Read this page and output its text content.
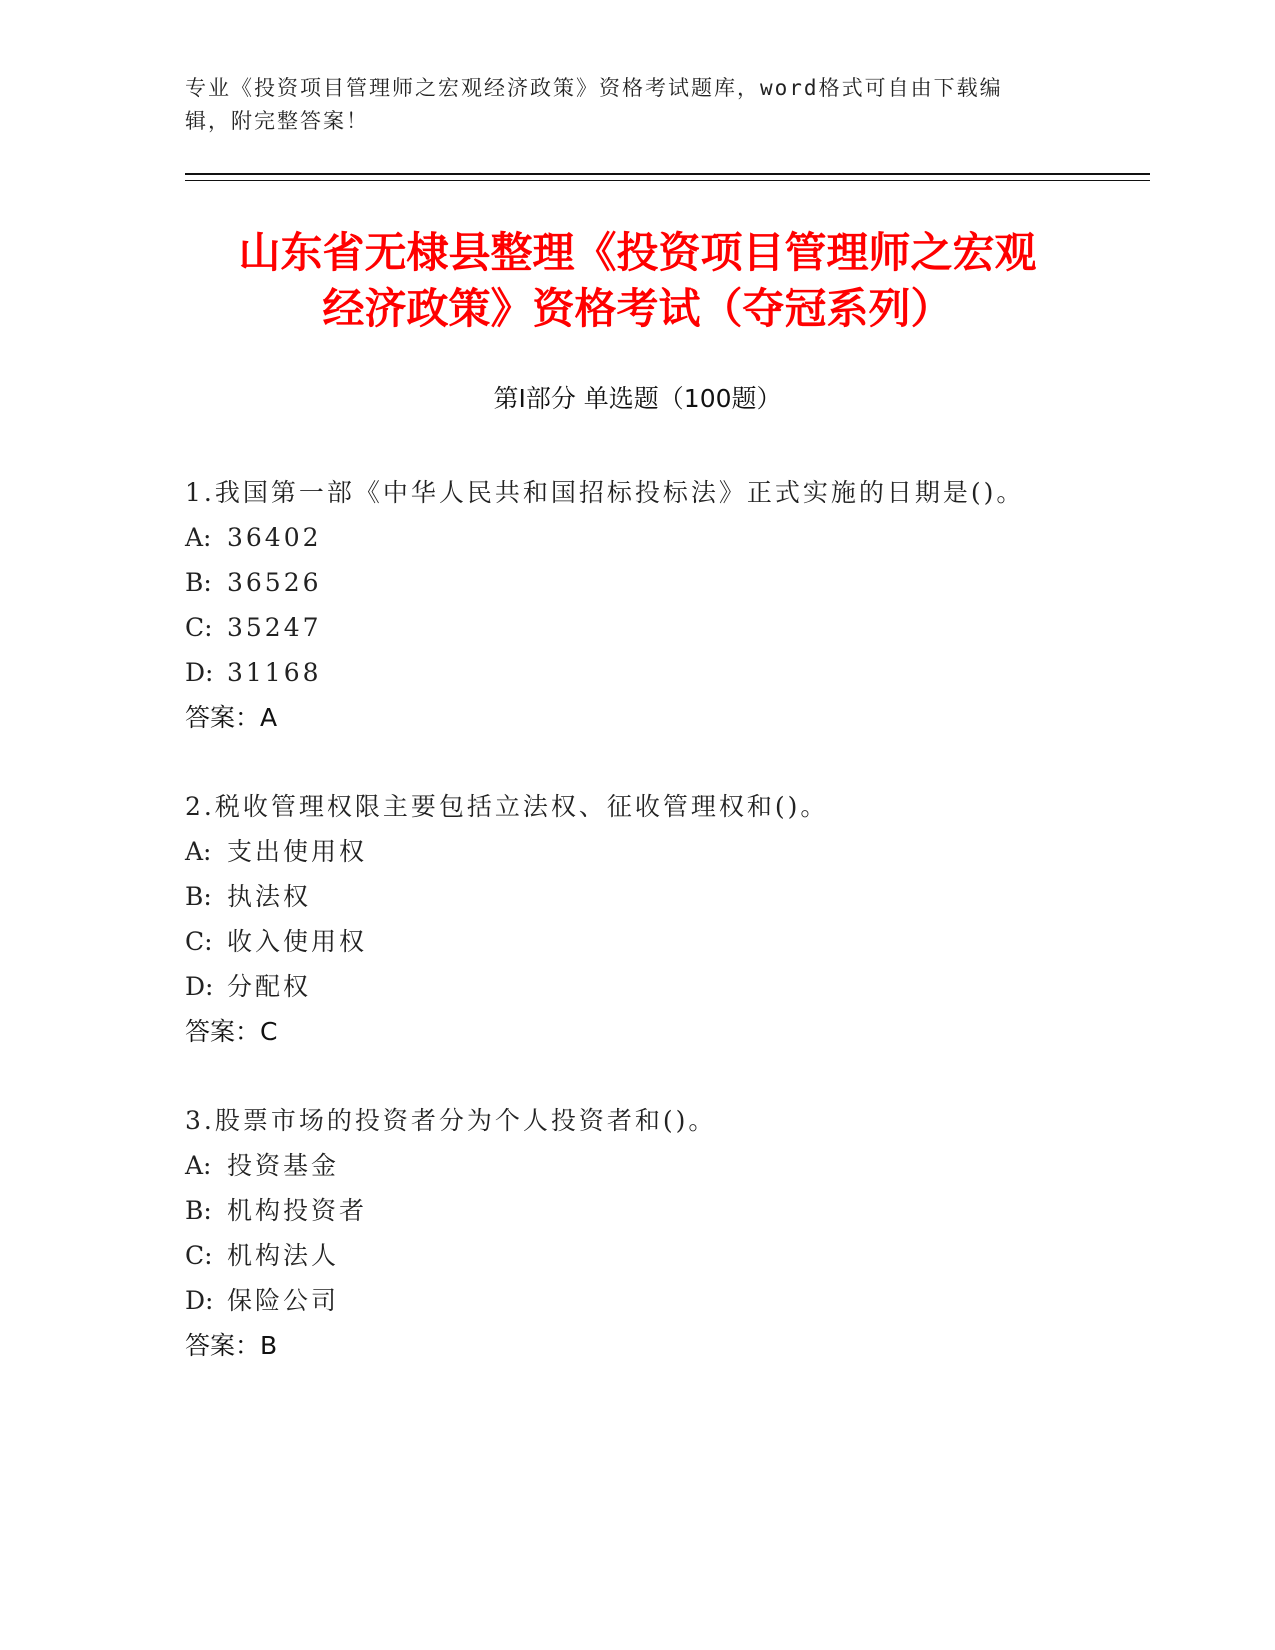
专业《投资项目管理师之宏观经济政策》资格考试题库，word格式可自由下载编
辑，附完整答案！
山东省无棣县整理《投资项目管理师之宏观
经济政策》资格考试（夺冠系列）
第Ⅰ部分 单选题（100题）
1.我国第一部《中华人民共和国招标投标法》正式实施的日期是()。
A: 36402
B: 36526
C: 35247
D: 31168
答案：A
2.税收管理权限主要包括立法权、征收管理权和()。
A: 支出使用权
B: 执法权
C: 收入使用权
D: 分配权
答案：C
3.股票市场的投资者分为个人投资者和()。
A: 投资基金
B: 机构投资者
C: 机构法人
D: 保险公司
答案：B
